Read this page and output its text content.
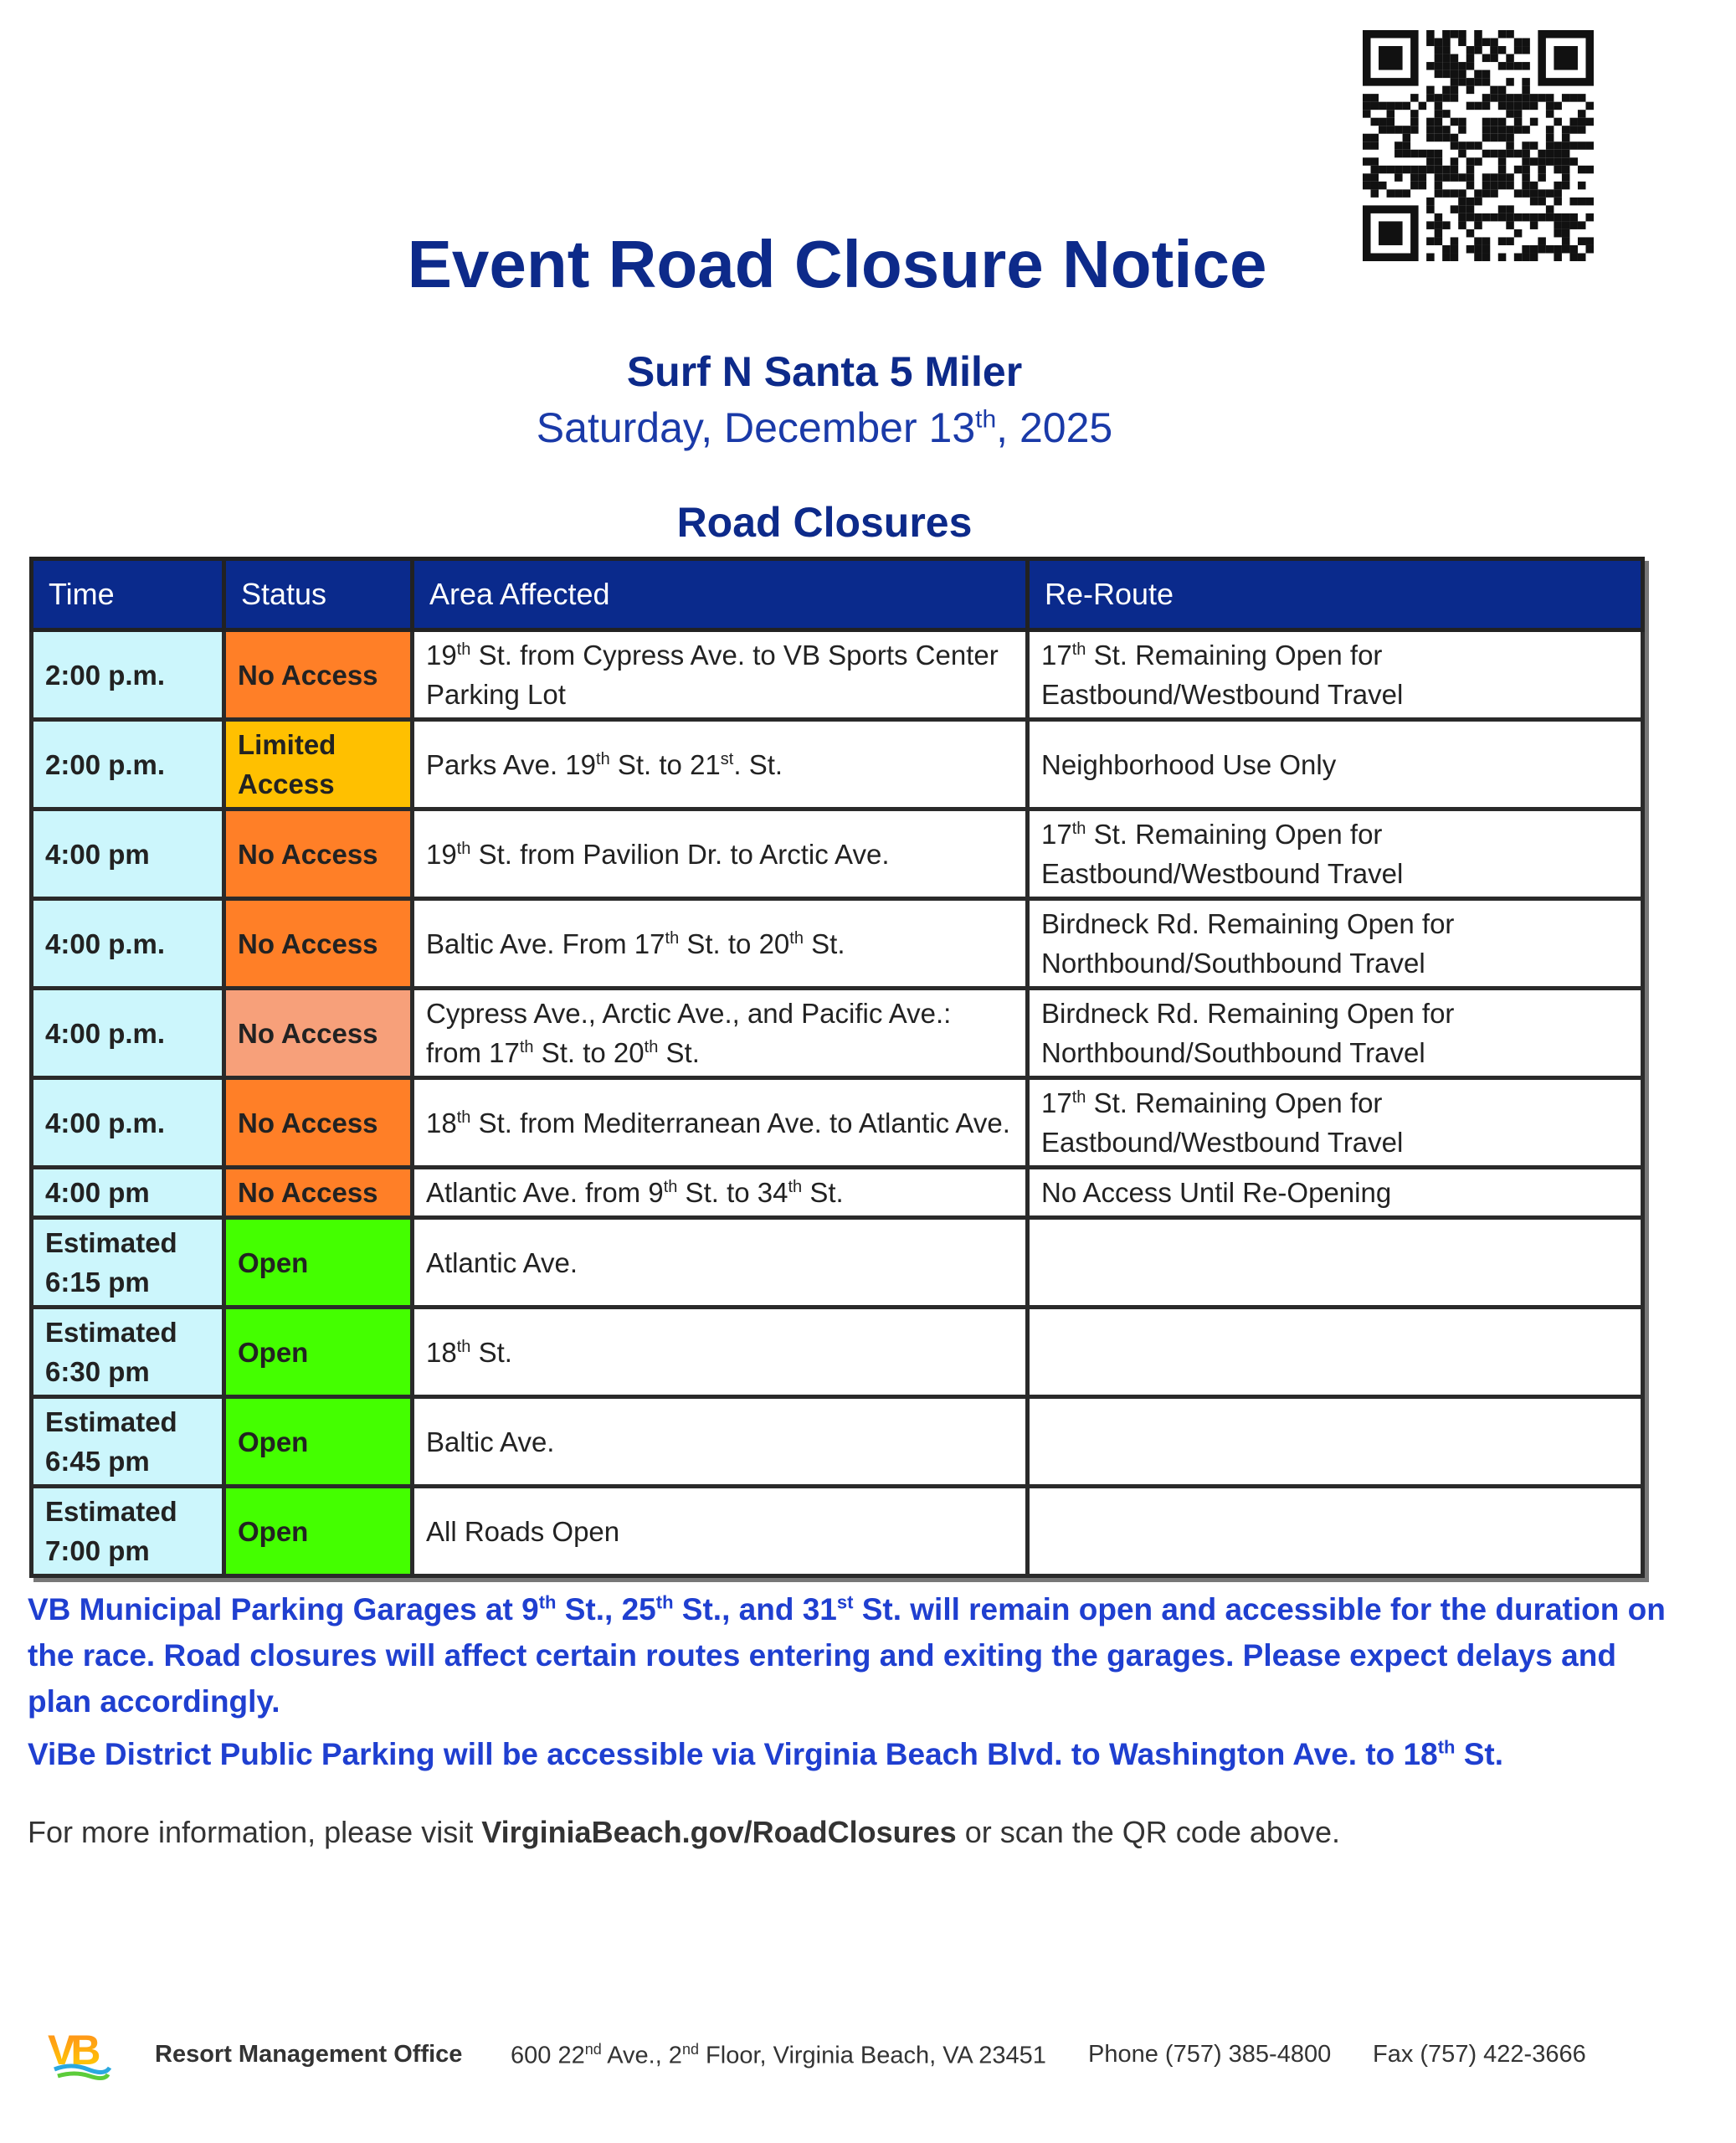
Event Road Closure Notice
Surf N Santa 5 Miler
Saturday, December 13th, 2025
Road Closures
Time	Status	Area Affected	Re-Route
2:00 p.m.	No Access	19th St. from Cypress Ave. to VB Sports Center Parking Lot	17th St. Remaining Open for Eastbound/Westbound Travel
2:00 p.m.	Limited Access	Parks Ave. 19th St. to 21st. St.	Neighborhood Use Only
4:00 pm	No Access	19th St. from Pavilion Dr. to Arctic Ave.	17th St. Remaining Open for Eastbound/Westbound Travel
4:00 p.m.	No Access	Baltic Ave. From 17th St. to 20th St.	Birdneck Rd. Remaining Open for Northbound/Southbound Travel
4:00 p.m.	No Access	Cypress Ave., Arctic Ave., and Pacific Ave.: from 17th St. to 20th St.	Birdneck Rd. Remaining Open for Northbound/Southbound Travel
4:00 p.m.	No Access	18th St. from Mediterranean Ave. to Atlantic Ave.	17th St. Remaining Open for Eastbound/Westbound Travel
4:00 pm	No Access	Atlantic Ave. from 9th St. to 34th St.	No Access Until Re-Opening
Estimated 6:15 pm	Open	Atlantic Ave.	
Estimated 6:30 pm	Open	18th St.	
Estimated 6:45 pm	Open	Baltic Ave.	
Estimated 7:00 pm	Open	All Roads Open	
VB Municipal Parking Garages at 9th St., 25th St., and 31st St. will remain open and accessible for the duration on the race. Road closures will affect certain routes entering and exiting the garages. Please expect delays and plan accordingly.
ViBe District Public Parking will be accessible via Virginia Beach Blvd. to Washington Ave. to 18th St.
For more information, please visit VirginiaBeach.gov/RoadClosures or scan the QR code above.
VB Resort Management Office 600 22nd Ave., 2nd Floor, Virginia Beach, VA 23451 Phone (757) 385-4800 Fax (757) 422-3666
